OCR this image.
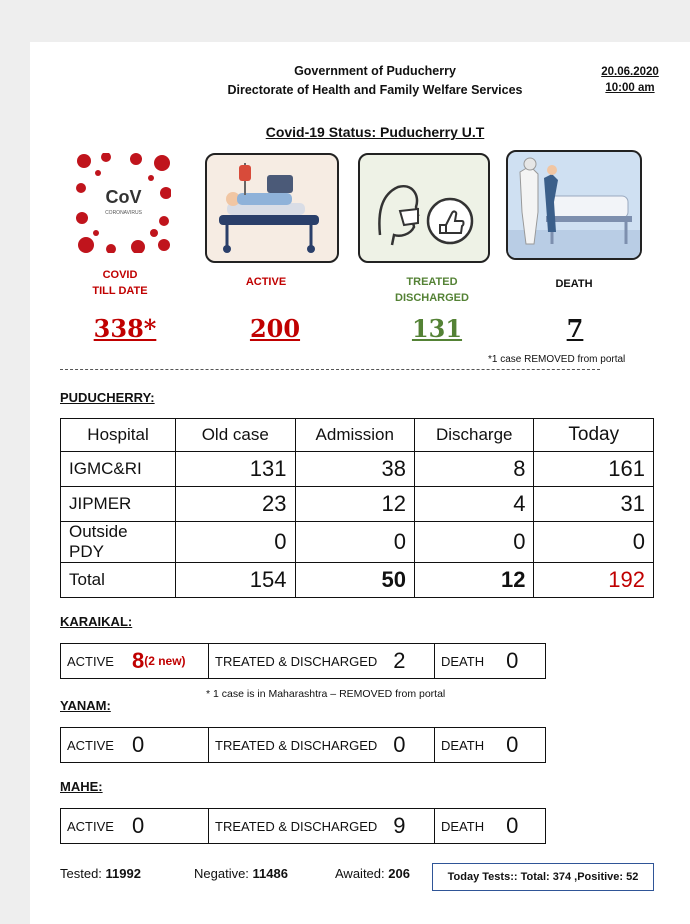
Government of Puducherry
Directorate of Health and Family Welfare Services
20.06.2020
10:00 am
Covid-19 Status: Puducherry U.T
CoV
CORONAVIRUS
COVID
TILL DATE
ACTIVE	TREATED
DISCHARGED
DEATH
338*	200	131	7
*1 case REMOVED from portal
PUDUCHERRY:
Hospital	Old case	Admission	Discharge	Today
IGMC&RI	131	38	8	161
JIPMER	23	12	4	31
Outside PDY	0	0	0	0
Total	154	50	12	192
KARAIKAL:
ACTIVE 8 (2 new) TREATED & DISCHARGED 2	DEATH 0
* 1 case is in Maharashtra – REMOVED from portal
YANAM:
ACTIVE 0	TREATED & DISCHARGED 0	DEATH 0
MAHE:
ACTIVE 0	TREATED & DISCHARGED 9	DEATH 0
Tested: 11992	Negative: 11486	Awaited: 206	Today Tests:: Total: 374 ,Positive: 52
